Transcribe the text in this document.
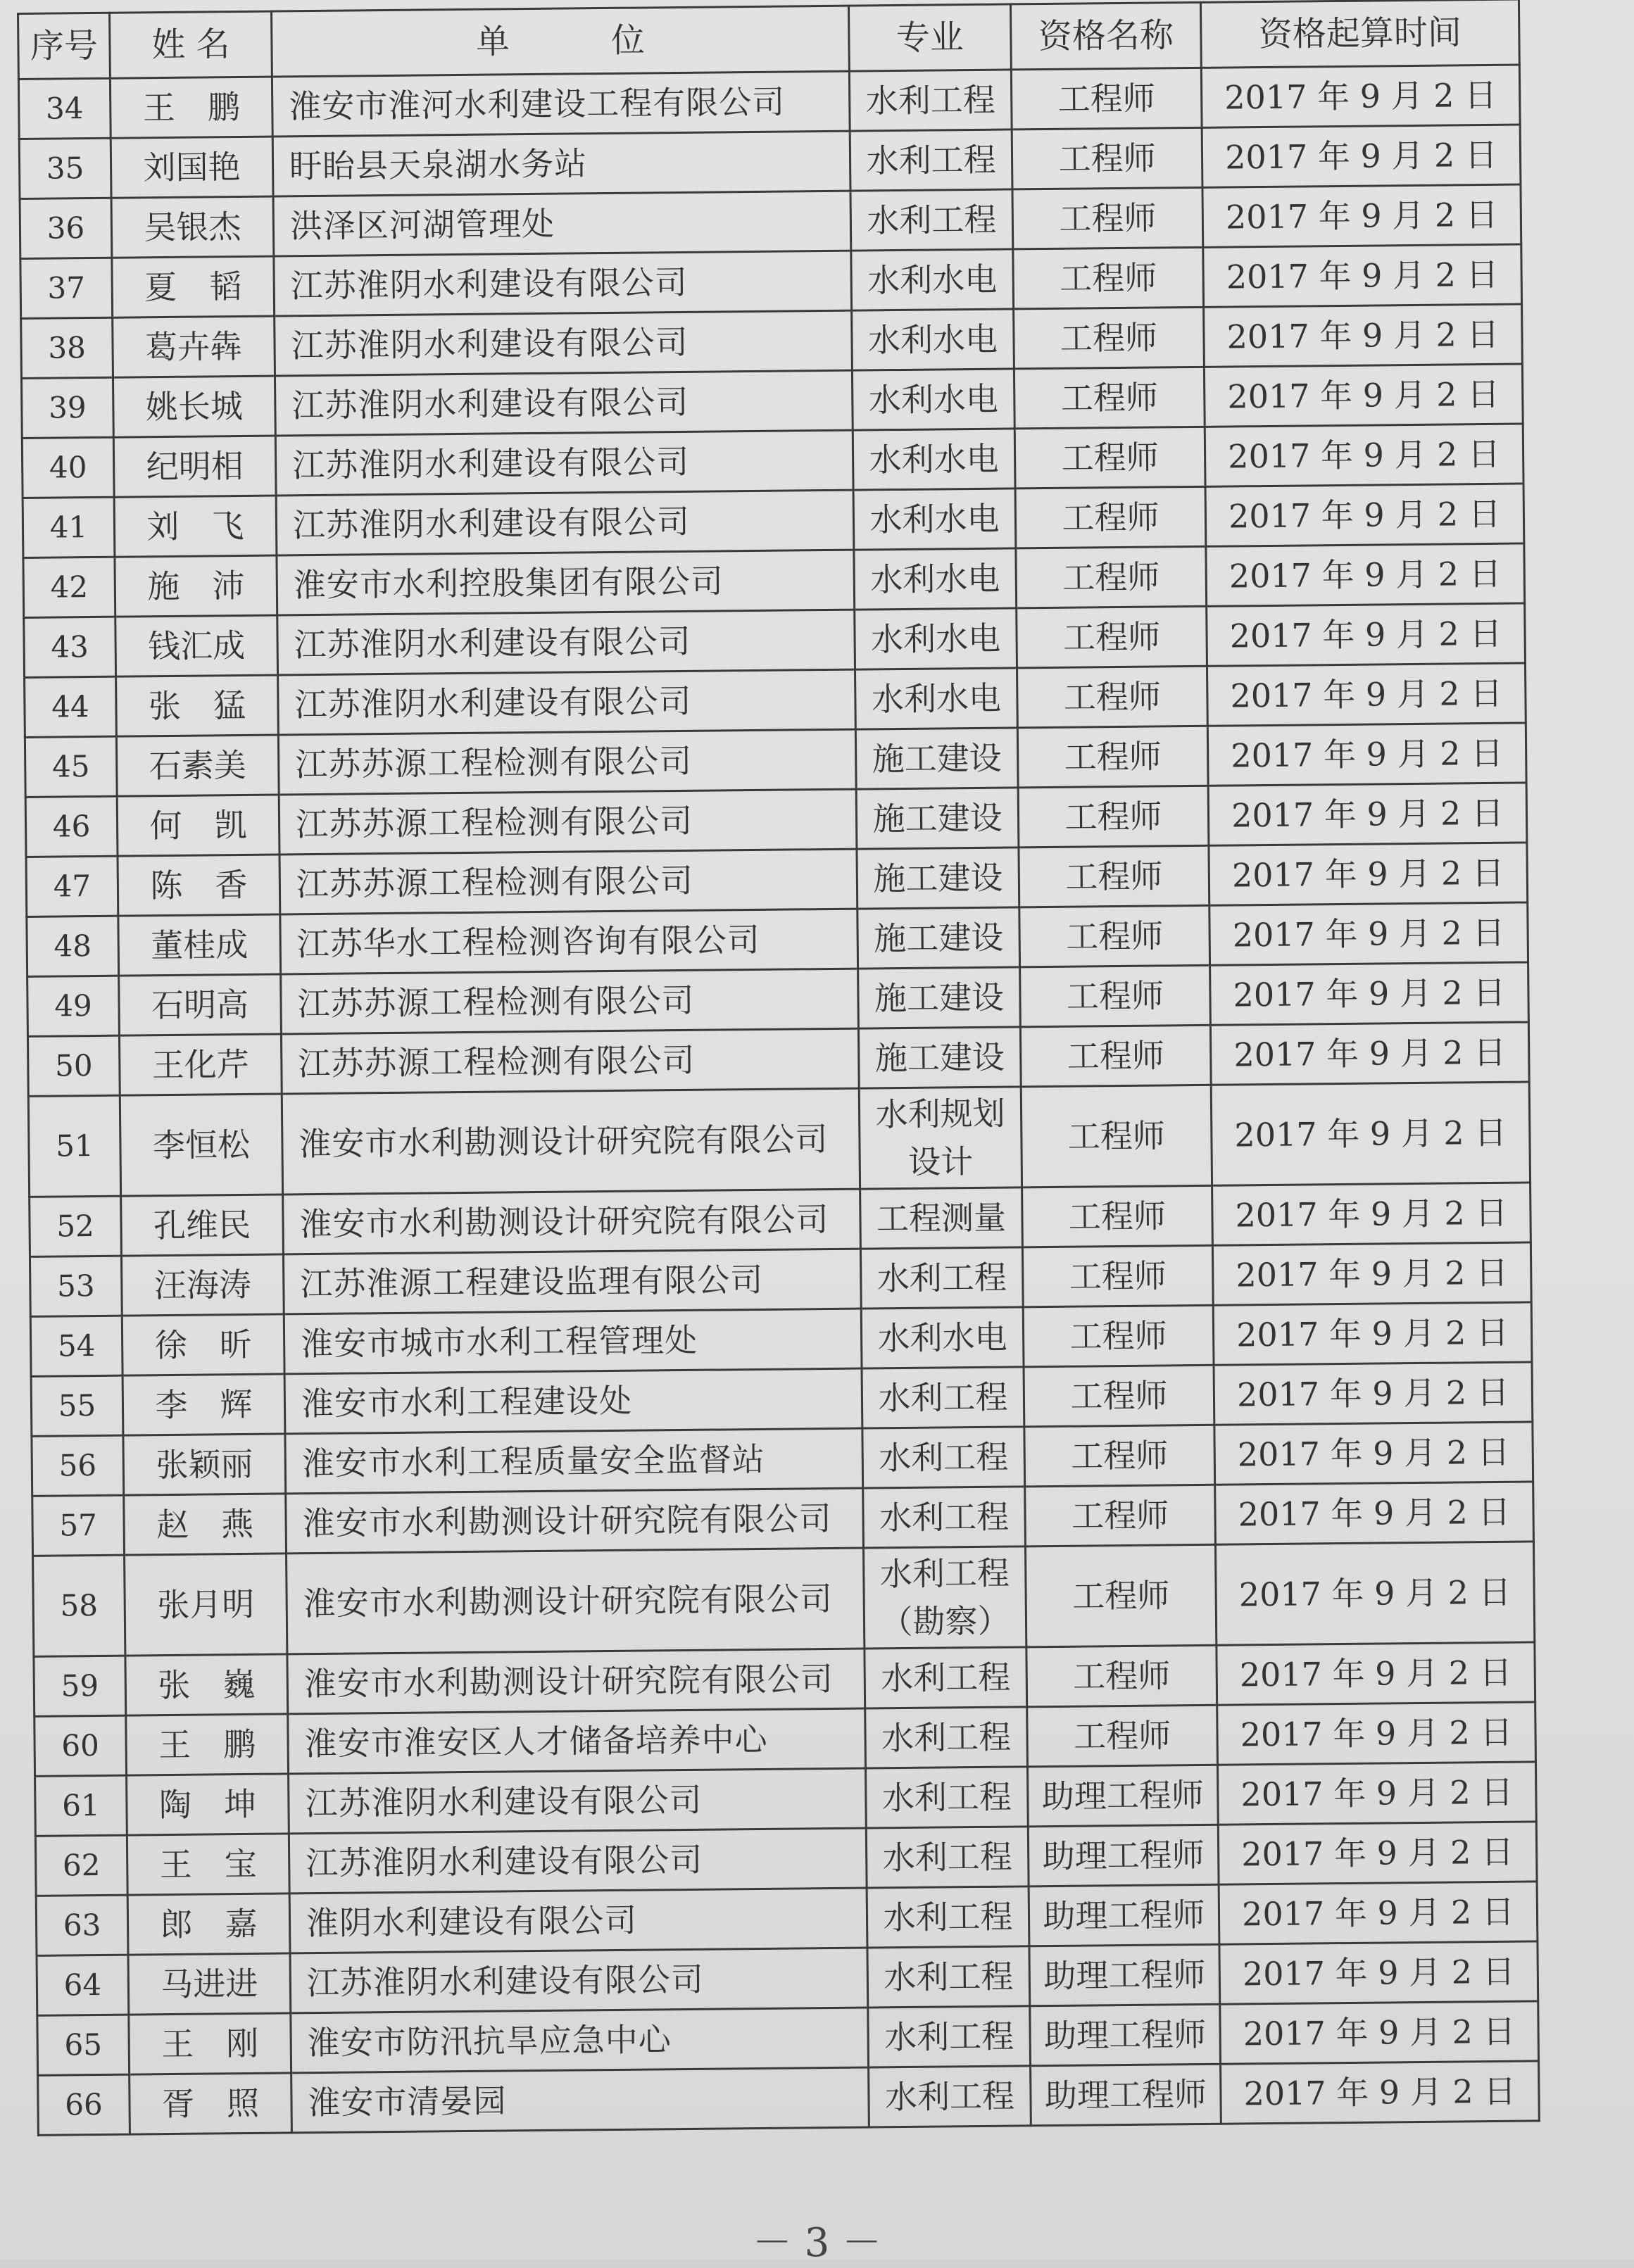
序号	姓 名	单　　　位	专业	资格名称	资格起算时间
34	王　鹏	淮安市淮河水利建设工程有限公司	水利工程	工程师	2017 年 9 月 2 日
35	刘国艳	盱眙县天泉湖水务站	水利工程	工程师	2017 年 9 月 2 日
36	吴银杰	洪泽区河湖管理处	水利工程	工程师	2017 年 9 月 2 日
37	夏　韬	江苏淮阴水利建设有限公司	水利水电	工程师	2017 年 9 月 2 日
38	葛卉犇	江苏淮阴水利建设有限公司	水利水电	工程师	2017 年 9 月 2 日
39	姚长城	江苏淮阴水利建设有限公司	水利水电	工程师	2017 年 9 月 2 日
40	纪明相	江苏淮阴水利建设有限公司	水利水电	工程师	2017 年 9 月 2 日
41	刘　飞	江苏淮阴水利建设有限公司	水利水电	工程师	2017 年 9 月 2 日
42	施　沛	淮安市水利控股集团有限公司	水利水电	工程师	2017 年 9 月 2 日
43	钱汇成	江苏淮阴水利建设有限公司	水利水电	工程师	2017 年 9 月 2 日
44	张　猛	江苏淮阴水利建设有限公司	水利水电	工程师	2017 年 9 月 2 日
45	石素美	江苏苏源工程检测有限公司	施工建设	工程师	2017 年 9 月 2 日
46	何　凯	江苏苏源工程检测有限公司	施工建设	工程师	2017 年 9 月 2 日
47	陈　香	江苏苏源工程检测有限公司	施工建设	工程师	2017 年 9 月 2 日
48	董桂成	江苏华水工程检测咨询有限公司	施工建设	工程师	2017 年 9 月 2 日
49	石明高	江苏苏源工程检测有限公司	施工建设	工程师	2017 年 9 月 2 日
50	王化芹	江苏苏源工程检测有限公司	施工建设	工程师	2017 年 9 月 2 日
51	李恒松	淮安市水利勘测设计研究院有限公司	水利规划设计	工程师	2017 年 9 月 2 日
52	孔维民	淮安市水利勘测设计研究院有限公司	工程测量	工程师	2017 年 9 月 2 日
53	汪海涛	江苏淮源工程建设监理有限公司	水利工程	工程师	2017 年 9 月 2 日
54	徐　昕	淮安市城市水利工程管理处	水利水电	工程师	2017 年 9 月 2 日
55	李　辉	淮安市水利工程建设处	水利工程	工程师	2017 年 9 月 2 日
56	张颖丽	淮安市水利工程质量安全监督站	水利工程	工程师	2017 年 9 月 2 日
57	赵　燕	淮安市水利勘测设计研究院有限公司	水利工程	工程师	2017 年 9 月 2 日
58	张月明	淮安市水利勘测设计研究院有限公司	水利工程（勘察）	工程师	2017 年 9 月 2 日
59	张　巍	淮安市水利勘测设计研究院有限公司	水利工程	工程师	2017 年 9 月 2 日
60	王　鹏	淮安市淮安区人才储备培养中心	水利工程	工程师	2017 年 9 月 2 日
61	陶　坤	江苏淮阴水利建设有限公司	水利工程	助理工程师	2017 年 9 月 2 日
62	王　宝	江苏淮阴水利建设有限公司	水利工程	助理工程师	2017 年 9 月 2 日
63	郎　嘉	淮阴水利建设有限公司	水利工程	助理工程师	2017 年 9 月 2 日
64	马进进	江苏淮阴水利建设有限公司	水利工程	助理工程师	2017 年 9 月 2 日
65	王　刚	淮安市防汛抗旱应急中心	水利工程	助理工程师	2017 年 9 月 2 日
66	胥　照	淮安市清晏园	水利工程	助理工程师	2017 年 9 月 2 日
－ 3 －
